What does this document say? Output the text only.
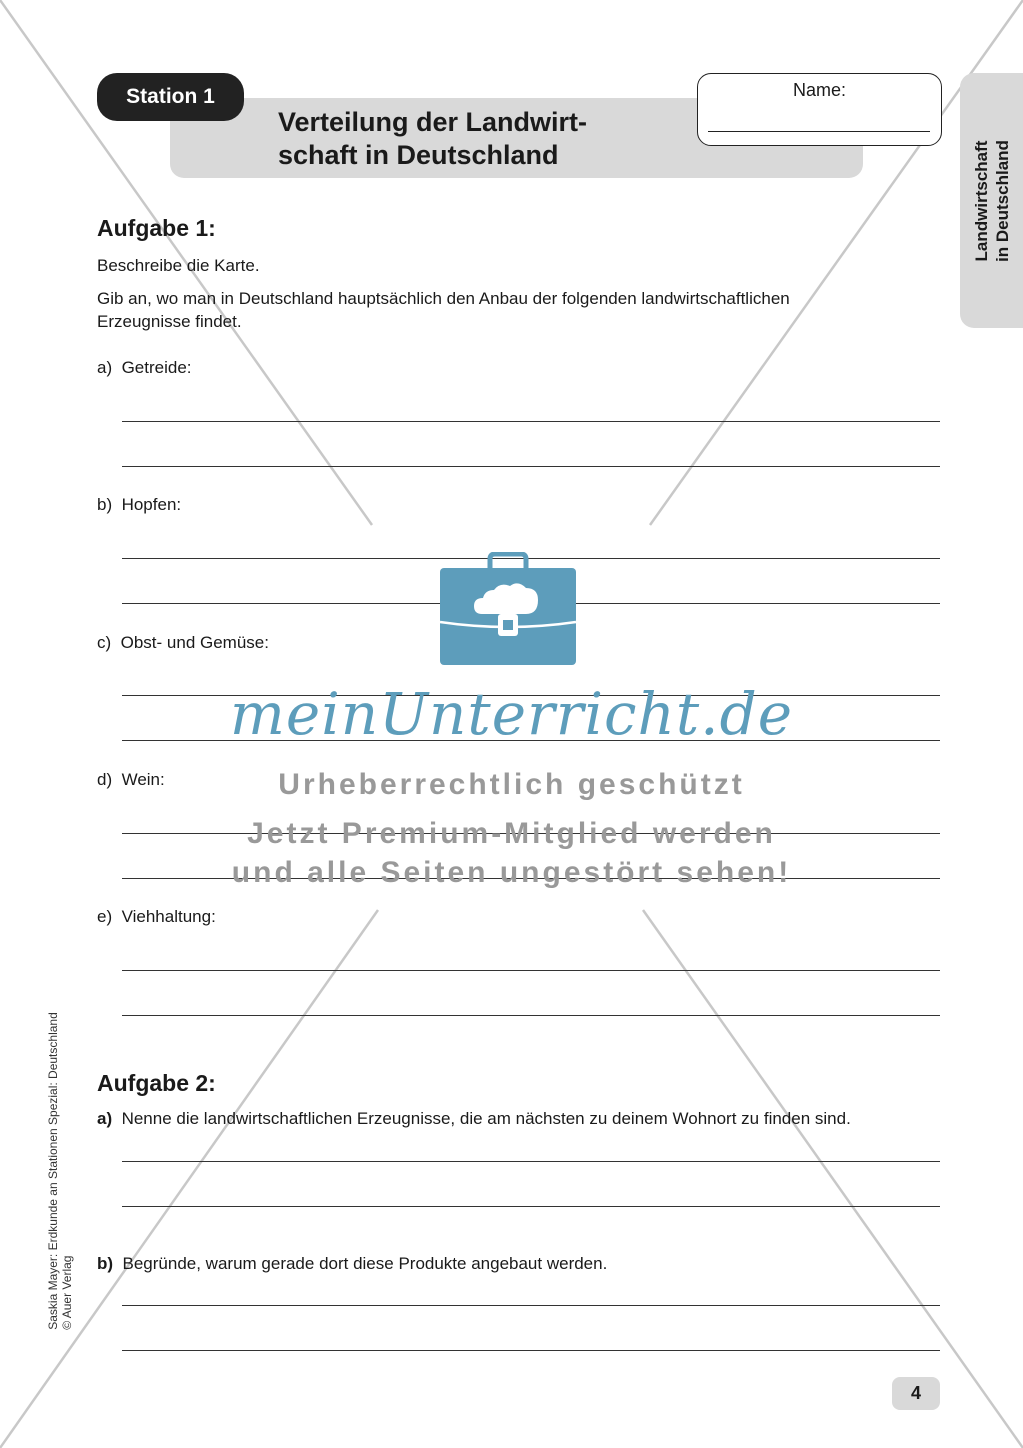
Station 1
Verteilung der Landwirt-
schaft in Deutschland
Name:
Landwirtschaft in Deutschland
Aufgabe 1:
Beschreibe die Karte.
Gib an, wo man in Deutschland hauptsächlich den Anbau der folgenden landwirtschaftlichen
Erzeugnisse findet.
a) Getreide:
b) Hopfen:
c) Obst- und Gemüse:
d) Wein:
e) Viehhaltung:
Aufgabe 2:
a) Nenne die landwirtschaftlichen Erzeugnisse, die am nächsten zu deinem Wohnort zu finden sind.
b) Begründe, warum gerade dort diese Produkte angebaut werden.
Saskia Mayer: Erdkunde an Stationen Spezial: Deutschland
© Auer Verlag
4
meinUnterricht.de
Urheberrechtlich geschützt
Jetzt Premium-Mitglied werden
und alle Seiten ungestört sehen!
